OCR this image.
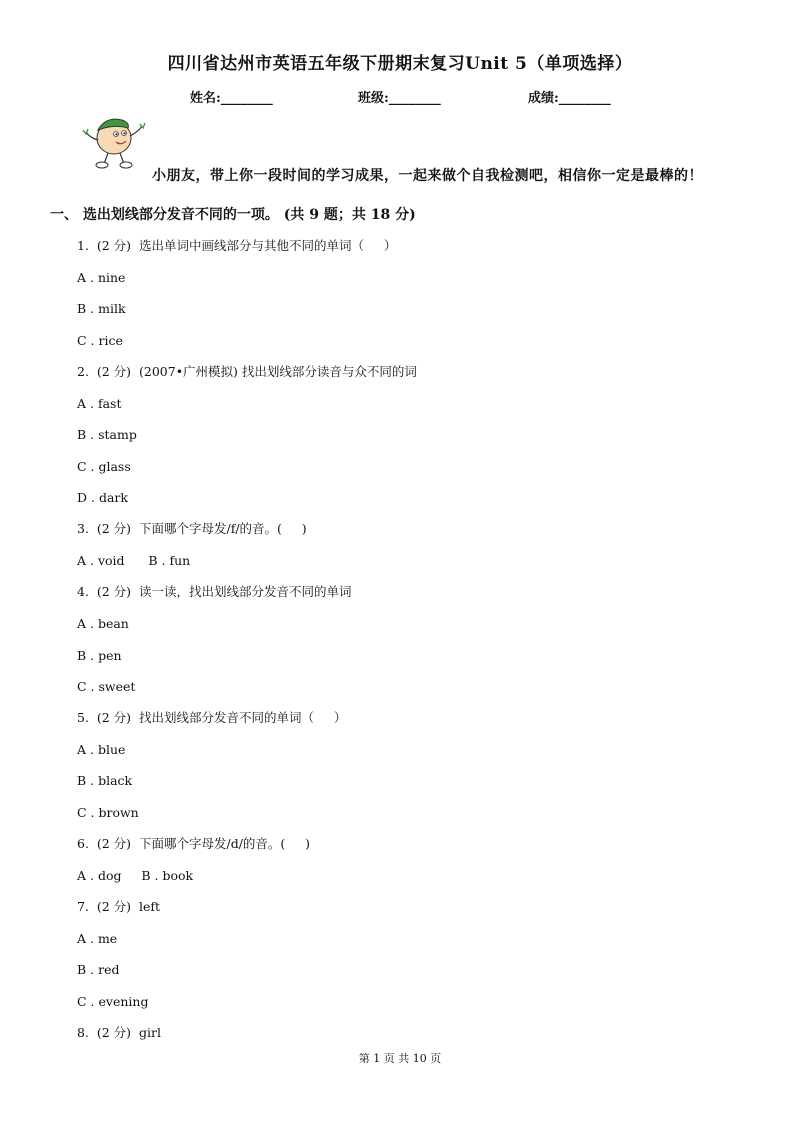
四川省达州市英语五年级下册期末复习Unit 5（单项选择）
姓名:________	班级:________	成绩:________
小朋友，带上你一段时间的学习成果，一起来做个自我检测吧，相信你一定是最棒的！
一、 选出划线部分发音不同的一项。 (共 9 题；共 18 分)
1.  (2 分)  选出单词中画线部分与其他不同的单词（     ）
A . nine
B . milk
C . rice
2.  (2 分)  (2007•广州模拟) 找出划线部分读音与众不同的词
A . fast
B . stamp
C . glass
D . dark
3.  (2 分)  下面哪个字母发/f/的音。(     )
A . void      B . fun
4.  (2 分)  读一读，找出划线部分发音不同的单词
A . bean
B . pen
C . sweet
5.  (2 分)  找出划线部分发音不同的单词（     ）
A . blue
B . black
C . brown
6.  (2 分)  下面哪个字母发/d/的音。(     )
A . dog     B . book
7.  (2 分)  left
A . me
B . red
C . evening
8.  (2 分)  girl
第 1 页 共 10 页
